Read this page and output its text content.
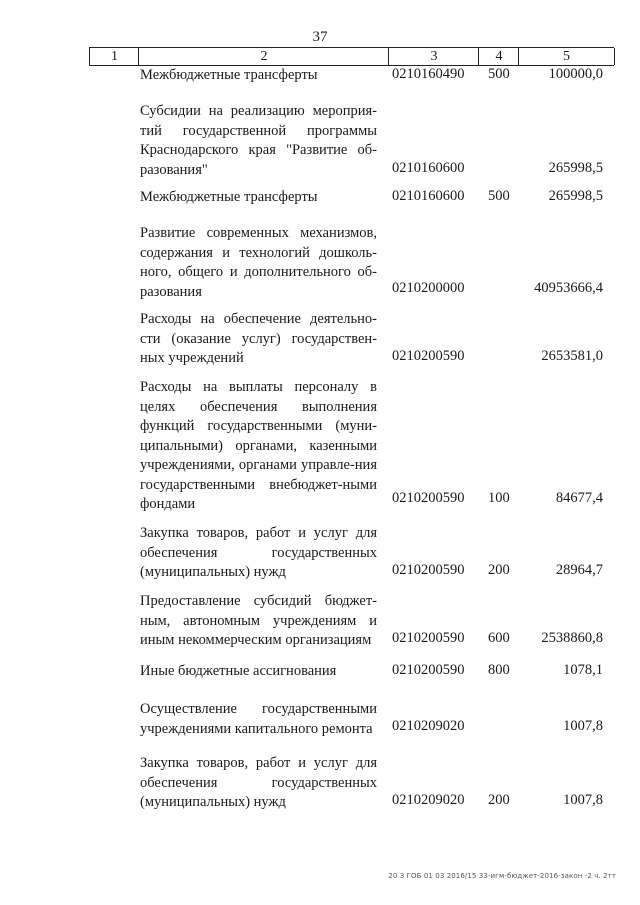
37
1	2	3	4	5
Межбюджетные трансферты	0210160490 500	100000,0
Субсидии на реализацию мероприя-тий государственной программы Краснодарского края "Развитие об-разования"	0210160600	265998,5
Межбюджетные трансферты	0210160600 500	265998,5
Развитие современных механизмов, содержания и технологий дошколь-ного, общего и дополнительного об-разования	0210200000	40953666,4
Расходы на обеспечение деятельно-сти (оказание услуг) государствен-ных учреждений	0210200590	2653581,0
Расходы на выплаты персоналу в целях обеспечения выполнения функций государственными (муни-ципальными) органами, казенными учреждениями, органами управле-ния государственными внебюджет-ными фондами	0210200590 100	84677,4
Закупка товаров, работ и услуг для обеспечения государственных (муниципальных) нужд	0210200590 200	28964,7
Предоставление субсидий бюджет-ным, автономным учреждениям и иным некоммерческим организациям	0210200590 600 2538860,8
Иные бюджетные ассигнования	0210200590 800	1078,1
Осуществление государственными учреждениями капитального ремонта	0210209020	1007,8
Закупка товаров, работ и услуг для обеспечения государственных (муниципальных) нужд	0210209020 200	1007,8
20 З ГОБ 01 03 2016/15 33-игм-бюджет-2016-закон -2 ч. 2тт
